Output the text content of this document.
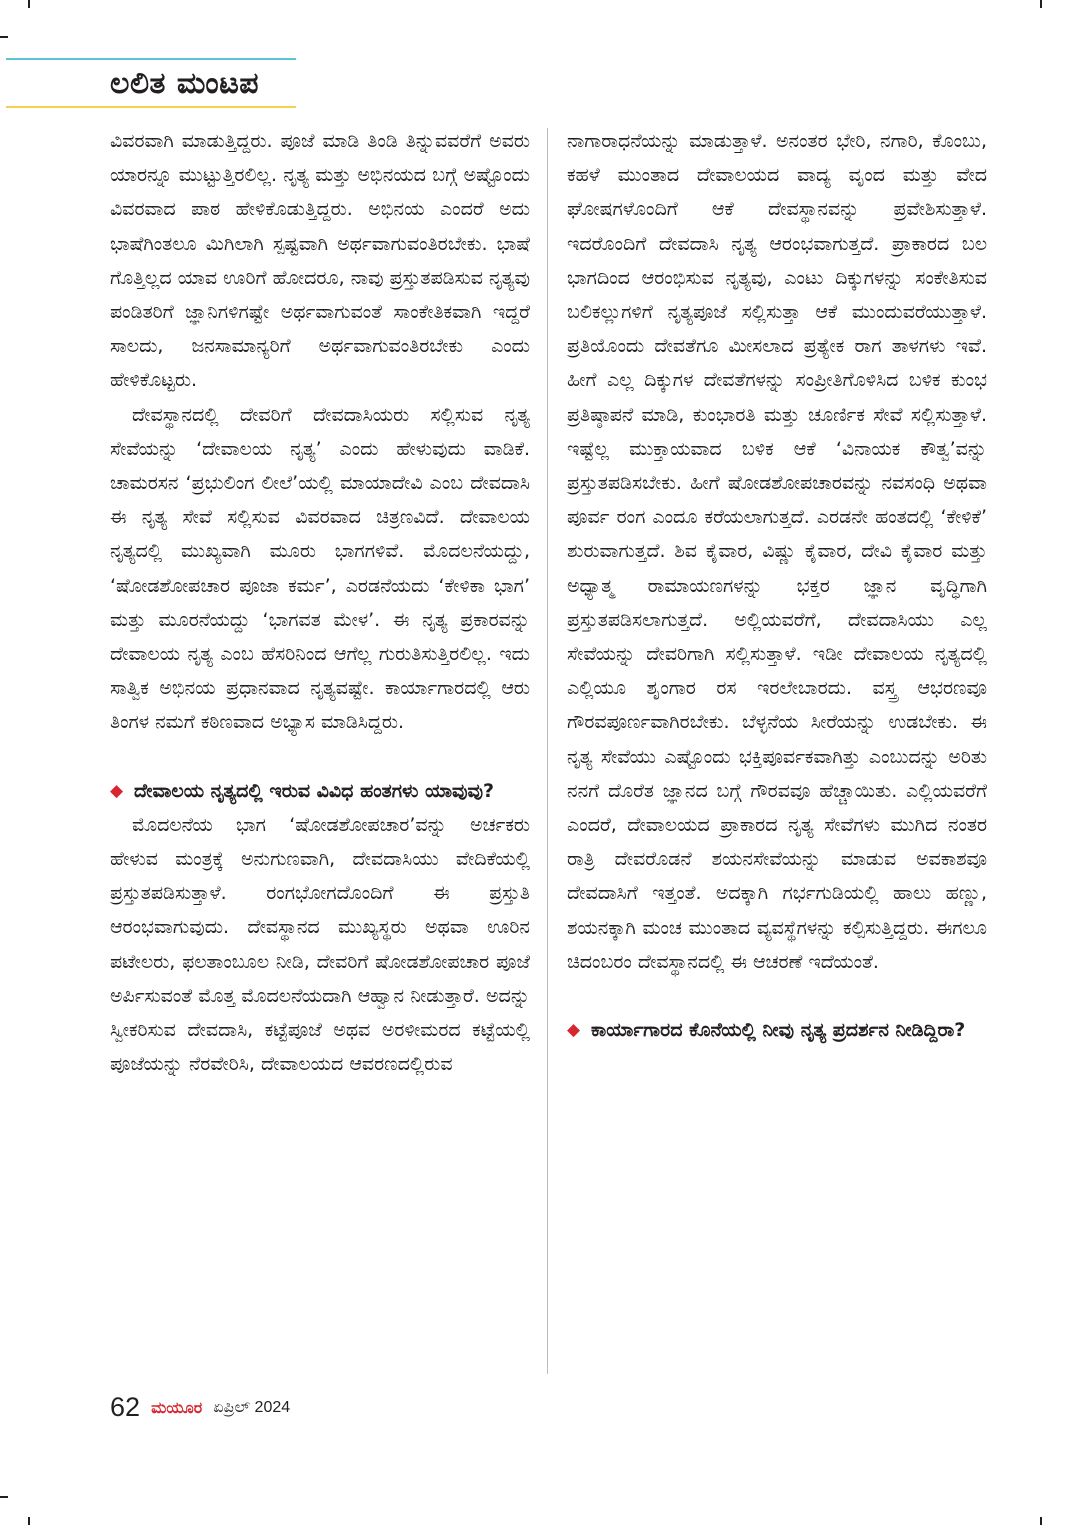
ಲಲಿತ ಮಂಟಪ

ವಿವರವಾಗಿ ಮಾಡುತ್ತಿದ್ದರು. ಪೂಜೆ ಮಾಡಿ ತಿಂಡಿ ತಿನ್ನುವವರೆಗೆ ಅವರು ಯಾರನ್ನೂ ಮುಟ್ಟುತ್ತಿರಲಿಲ್ಲ. ನೃತ್ಯ ಮತ್ತು ಅಭಿನಯದ ಬಗ್ಗೆ ಅಷ್ಟೊಂದು ವಿವರವಾದ ಪಾಠ ಹೇಳಿಕೊಡುತ್ತಿದ್ದರು. ಅಭಿನಯ ಎಂದರೆ ಅದು ಭಾಷೆಗಿಂತಲೂ ಮಿಗಿಲಾಗಿ ಸ್ಪಷ್ಟವಾಗಿ ಅರ್ಥವಾಗುವಂತಿರಬೇಕು. ಭಾಷೆ ಗೊತ್ತಿಲ್ಲದ ಯಾವ ಊರಿಗೆ ಹೋದರೂ, ನಾವು ಪ್ರಸ್ತುತಪಡಿಸುವ ನೃತ್ಯವು ಪಂಡಿತರಿಗೆ ಜ್ಞಾನಿಗಳಿಗಷ್ಟೇ ಅರ್ಥವಾಗುವಂತೆ ಸಾಂಕೇತಿಕವಾಗಿ ಇದ್ದರೆ ಸಾಲದು, ಜನಸಾಮಾನ್ಯರಿಗೆ ಅರ್ಥವಾಗುವಂತಿರಬೇಕು ಎಂದು ಹೇಳಿಕೊಟ್ಟರು.

ದೇವಸ್ಥಾನದಲ್ಲಿ ದೇವರಿಗೆ ದೇವದಾಸಿಯರು ಸಲ್ಲಿಸುವ ನೃತ್ಯ ಸೇವೆಯನ್ನು ‘ದೇವಾಲಯ ನೃತ್ಯ’ ಎಂದು ಹೇಳುವುದು ವಾಡಿಕೆ. ಚಾಮರಸನ ‘ಪ್ರಭುಲಿಂಗ ಲೀಲೆ’ಯಲ್ಲಿ ಮಾಯಾದೇವಿ ಎಂಬ ದೇವದಾಸಿ ಈ ನೃತ್ಯ ಸೇವೆ ಸಲ್ಲಿಸುವ ವಿವರವಾದ ಚಿತ್ರಣವಿದೆ. ದೇವಾಲಯ ನೃತ್ಯದಲ್ಲಿ ಮುಖ್ಯವಾಗಿ ಮೂರು ಭಾಗಗಳಿವೆ. ಮೊದಲನೆಯದ್ದು, ‘ಷೋಡಶೋಪಚಾರ ಪೂಜಾ ಕರ್ಮ’, ಎರಡನೆಯದು ‘ಕೇಳಿಕಾ ಭಾಗ’ ಮತ್ತು ಮೂರನೆಯದ್ದು ‘ಭಾಗವತ ಮೇಳ’. ಈ ನೃತ್ಯ ಪ್ರಕಾರವನ್ನು ದೇವಾಲಯ ನೃತ್ಯ ಎಂಬ ಹೆಸರಿನಿಂದ ಆಗೆಲ್ಲ ಗುರುತಿಸುತ್ತಿರಲಿಲ್ಲ. ಇದು ಸಾತ್ವಿಕ ಅಭಿನಯ ಪ್ರಧಾನವಾದ ನೃತ್ಯವಷ್ಟೇ. ಕಾರ್ಯಾಗಾರದಲ್ಲಿ ಆರು ತಿಂಗಳ ನಮಗೆ ಕಠಿಣವಾದ ಅಭ್ಯಾಸ ಮಾಡಿಸಿದ್ದರು.

◆ ದೇವಾಲಯ ನೃತ್ಯದಲ್ಲಿ ಇರುವ ವಿವಿಧ ಹಂತಗಳು ಯಾವುವು?

ಮೊದಲನೆಯ ಭಾಗ ‘ಷೋಡಶೋಪಚಾರ’ವನ್ನು ಅರ್ಚಕರು ಹೇಳುವ ಮಂತ್ರಕ್ಕೆ ಅನುಗುಣವಾಗಿ, ದೇವದಾಸಿಯು ವೇದಿಕೆಯಲ್ಲಿ ಪ್ರಸ್ತುತಪಡಿಸುತ್ತಾಳೆ. ರಂಗಭೋಗದೊಂದಿಗೆ ಈ ಪ್ರಸ್ತುತಿ ಆರಂಭವಾಗುವುದು. ದೇವಸ್ಥಾನದ ಮುಖ್ಯಸ್ಥರು ಅಥವಾ ಊರಿನ ಪಟೇಲರು, ಫಲತಾಂಬೂಲ ನೀಡಿ, ದೇವರಿಗೆ ಷೋಡಶೋಪಚಾರ ಪೂಜೆ ಅರ್ಪಿಸುವಂತೆ ಮೊತ್ತ ಮೊದಲನೆಯದಾಗಿ ಆಹ್ವಾನ ನೀಡುತ್ತಾರೆ. ಅದನ್ನು ಸ್ವೀಕರಿಸುವ ದೇವದಾಸಿ, ಕಟ್ಟೆಪೂಜೆ ಅಥವ ಅರಳೀಮರದ ಕಟ್ಟೆಯಲ್ಲಿ ಪೂಜೆಯನ್ನು ನೆರವೇರಿಸಿ, ದೇವಾಲಯದ ಆವರಣದಲ್ಲಿರುವ

ನಾಗಾರಾಧನೆಯನ್ನು ಮಾಡುತ್ತಾಳೆ. ಅನಂತರ ಭೇರಿ, ನಗಾರಿ, ಕೊಂಬು, ಕಹಳೆ ಮುಂತಾದ ದೇವಾಲಯದ ವಾದ್ಯ ವೃಂದ ಮತ್ತು ವೇದ ಘೋಷಗಳೊಂದಿಗೆ ಆಕೆ ದೇವಸ್ಥಾನವನ್ನು ಪ್ರವೇಶಿಸುತ್ತಾಳೆ. ಇದರೊಂದಿಗೆ ದೇವದಾಸಿ ನೃತ್ಯ ಆರಂಭವಾಗುತ್ತದೆ. ಪ್ರಾಕಾರದ ಬಲ ಭಾಗದಿಂದ ಆರಂಭಿಸುವ ನೃತ್ಯವು, ಎಂಟು ದಿಕ್ಕುಗಳನ್ನು ಸಂಕೇತಿಸುವ ಬಲಿಕಲ್ಲುಗಳಿಗೆ ನೃತ್ಯಪೂಜೆ ಸಲ್ಲಿಸುತ್ತಾ ಆಕೆ ಮುಂದುವರೆಯುತ್ತಾಳೆ. ಪ್ರತಿಯೊಂದು ದೇವತೆಗೂ ಮೀಸಲಾದ ಪ್ರತ್ಯೇಕ ರಾಗ ತಾಳಗಳು ಇವೆ. ಹೀಗೆ ಎಲ್ಲ ದಿಕ್ಕುಗಳ ದೇವತೆಗಳನ್ನು ಸಂಪ್ರೀತಿಗೊಳಿಸಿದ ಬಳಿಕ ಕುಂಭ ಪ್ರತಿಷ್ಠಾಪನೆ ಮಾಡಿ, ಕುಂಭಾರತಿ ಮತ್ತು ಚೂರ್ಣಿಕ ಸೇವೆ ಸಲ್ಲಿಸುತ್ತಾಳೆ. ಇಷ್ಟೆಲ್ಲ ಮುಕ್ತಾಯವಾದ ಬಳಿಕ ಆಕೆ ‘ವಿನಾಯಕ ಕೌತ್ವ’ವನ್ನು ಪ್ರಸ್ತುತಪಡಿಸಬೇಕು. ಹೀಗೆ ಷೋಡಶೋಪಚಾರವನ್ನು ನವಸಂಧಿ ಅಥವಾ ಪೂರ್ವ ರಂಗ ಎಂದೂ ಕರೆಯಲಾಗುತ್ತದೆ. ಎರಡನೇ ಹಂತದಲ್ಲಿ ‘ಕೇಳಿಕೆ’ ಶುರುವಾಗುತ್ತದೆ. ಶಿವ ಕೈವಾರ, ವಿಷ್ಣು ಕೈವಾರ, ದೇವಿ ಕೈವಾರ ಮತ್ತು ಅಧ್ಯಾತ್ಮ ರಾಮಾಯಣಗಳನ್ನು ಭಕ್ತರ ಜ್ಞಾನ ವೃದ್ಧಿಗಾಗಿ ಪ್ರಸ್ತುತಪಡಿಸಲಾಗುತ್ತದೆ. ಅಲ್ಲಿಯವರೆಗೆ, ದೇವದಾಸಿಯು ಎಲ್ಲ ಸೇವೆಯನ್ನು ದೇವರಿಗಾಗಿ ಸಲ್ಲಿಸುತ್ತಾಳೆ. ಇಡೀ ದೇವಾಲಯ ನೃತ್ಯದಲ್ಲಿ ಎಲ್ಲಿಯೂ ಶೃಂಗಾರ ರಸ ಇರಲೇಬಾರದು. ವಸ್ತ್ರ ಆಭರಣವೂ ಗೌರವಪೂರ್ಣವಾಗಿರಬೇಕು. ಬೆಳ್ಳನೆಯ ಸೀರೆಯನ್ನು ಉಡಬೇಕು. ಈ ನೃತ್ಯ ಸೇವೆಯು ಎಷ್ಟೊಂದು ಭಕ್ತಿಪೂರ್ವಕವಾಗಿತ್ತು ಎಂಬುದನ್ನು ಅರಿತು ನನಗೆ ದೊರೆತ ಜ್ಞಾನದ ಬಗ್ಗೆ ಗೌರವವೂ ಹೆಚ್ಚಾಯಿತು. ಎಲ್ಲಿಯವರೆಗೆ ಎಂದರೆ, ದೇವಾಲಯದ ಪ್ರಾಕಾರದ ನೃತ್ಯ ಸೇವೆಗಳು ಮುಗಿದ ನಂತರ ರಾತ್ರಿ ದೇವರೊಡನೆ ಶಯನಸೇವೆಯನ್ನು ಮಾಡುವ ಅವಕಾಶವೂ ದೇವದಾಸಿಗೆ ಇತ್ತಂತೆ. ಅದಕ್ಕಾಗಿ ಗರ್ಭಗುಡಿಯಲ್ಲಿ ಹಾಲು ಹಣ್ಣು, ಶಯನಕ್ಕಾಗಿ ಮಂಚ ಮುಂತಾದ ವ್ಯವಸ್ಥೆಗಳನ್ನು ಕಲ್ಪಿಸುತ್ತಿದ್ದರು. ಈಗಲೂ ಚಿದಂಬರಂ ದೇವಸ್ಥಾನದಲ್ಲಿ ಈ ಆಚರಣೆ ಇದೆಯಂತೆ.

◆ ಕಾರ್ಯಾಗಾರದ ಕೊನೆಯಲ್ಲಿ ನೀವು ನೃತ್ಯ ಪ್ರದರ್ಶನ ನೀಡಿದ್ದಿರಾ?

62 ಮಯೂರ ಏಪ್ರಿಲ್ 2024
